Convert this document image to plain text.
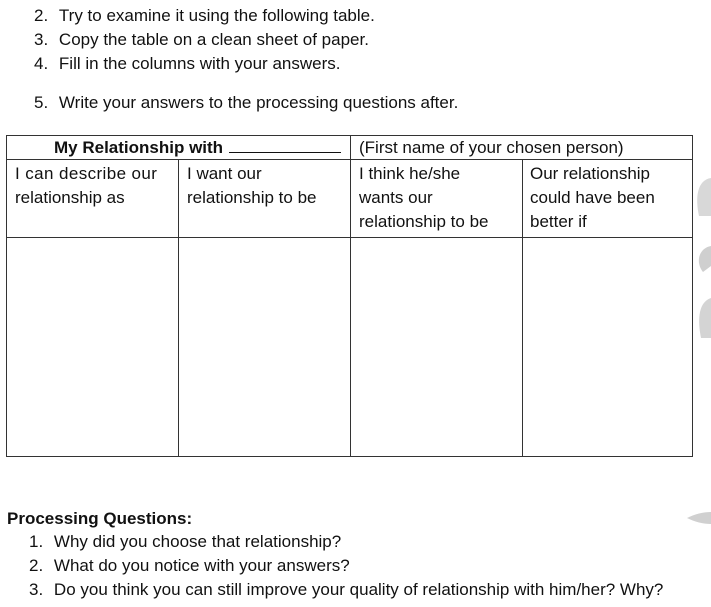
2. Try to examine it using the following table.
3. Copy the table on a clean sheet of paper.
4. Fill in the columns with your answers.
5. Write your answers to the processing questions after.
My Relationship with	(First name of your chosen person)
I can describe our
relationship as
I want our
relationship to be
I think he/she
wants our
relationship to be
Our relationship
could have been
better if
Processing Questions:
1. Why did you choose that relationship?
2. What do you notice with your answers?
3. Do you think you can still improve your quality of relationship with him/her? Why?
